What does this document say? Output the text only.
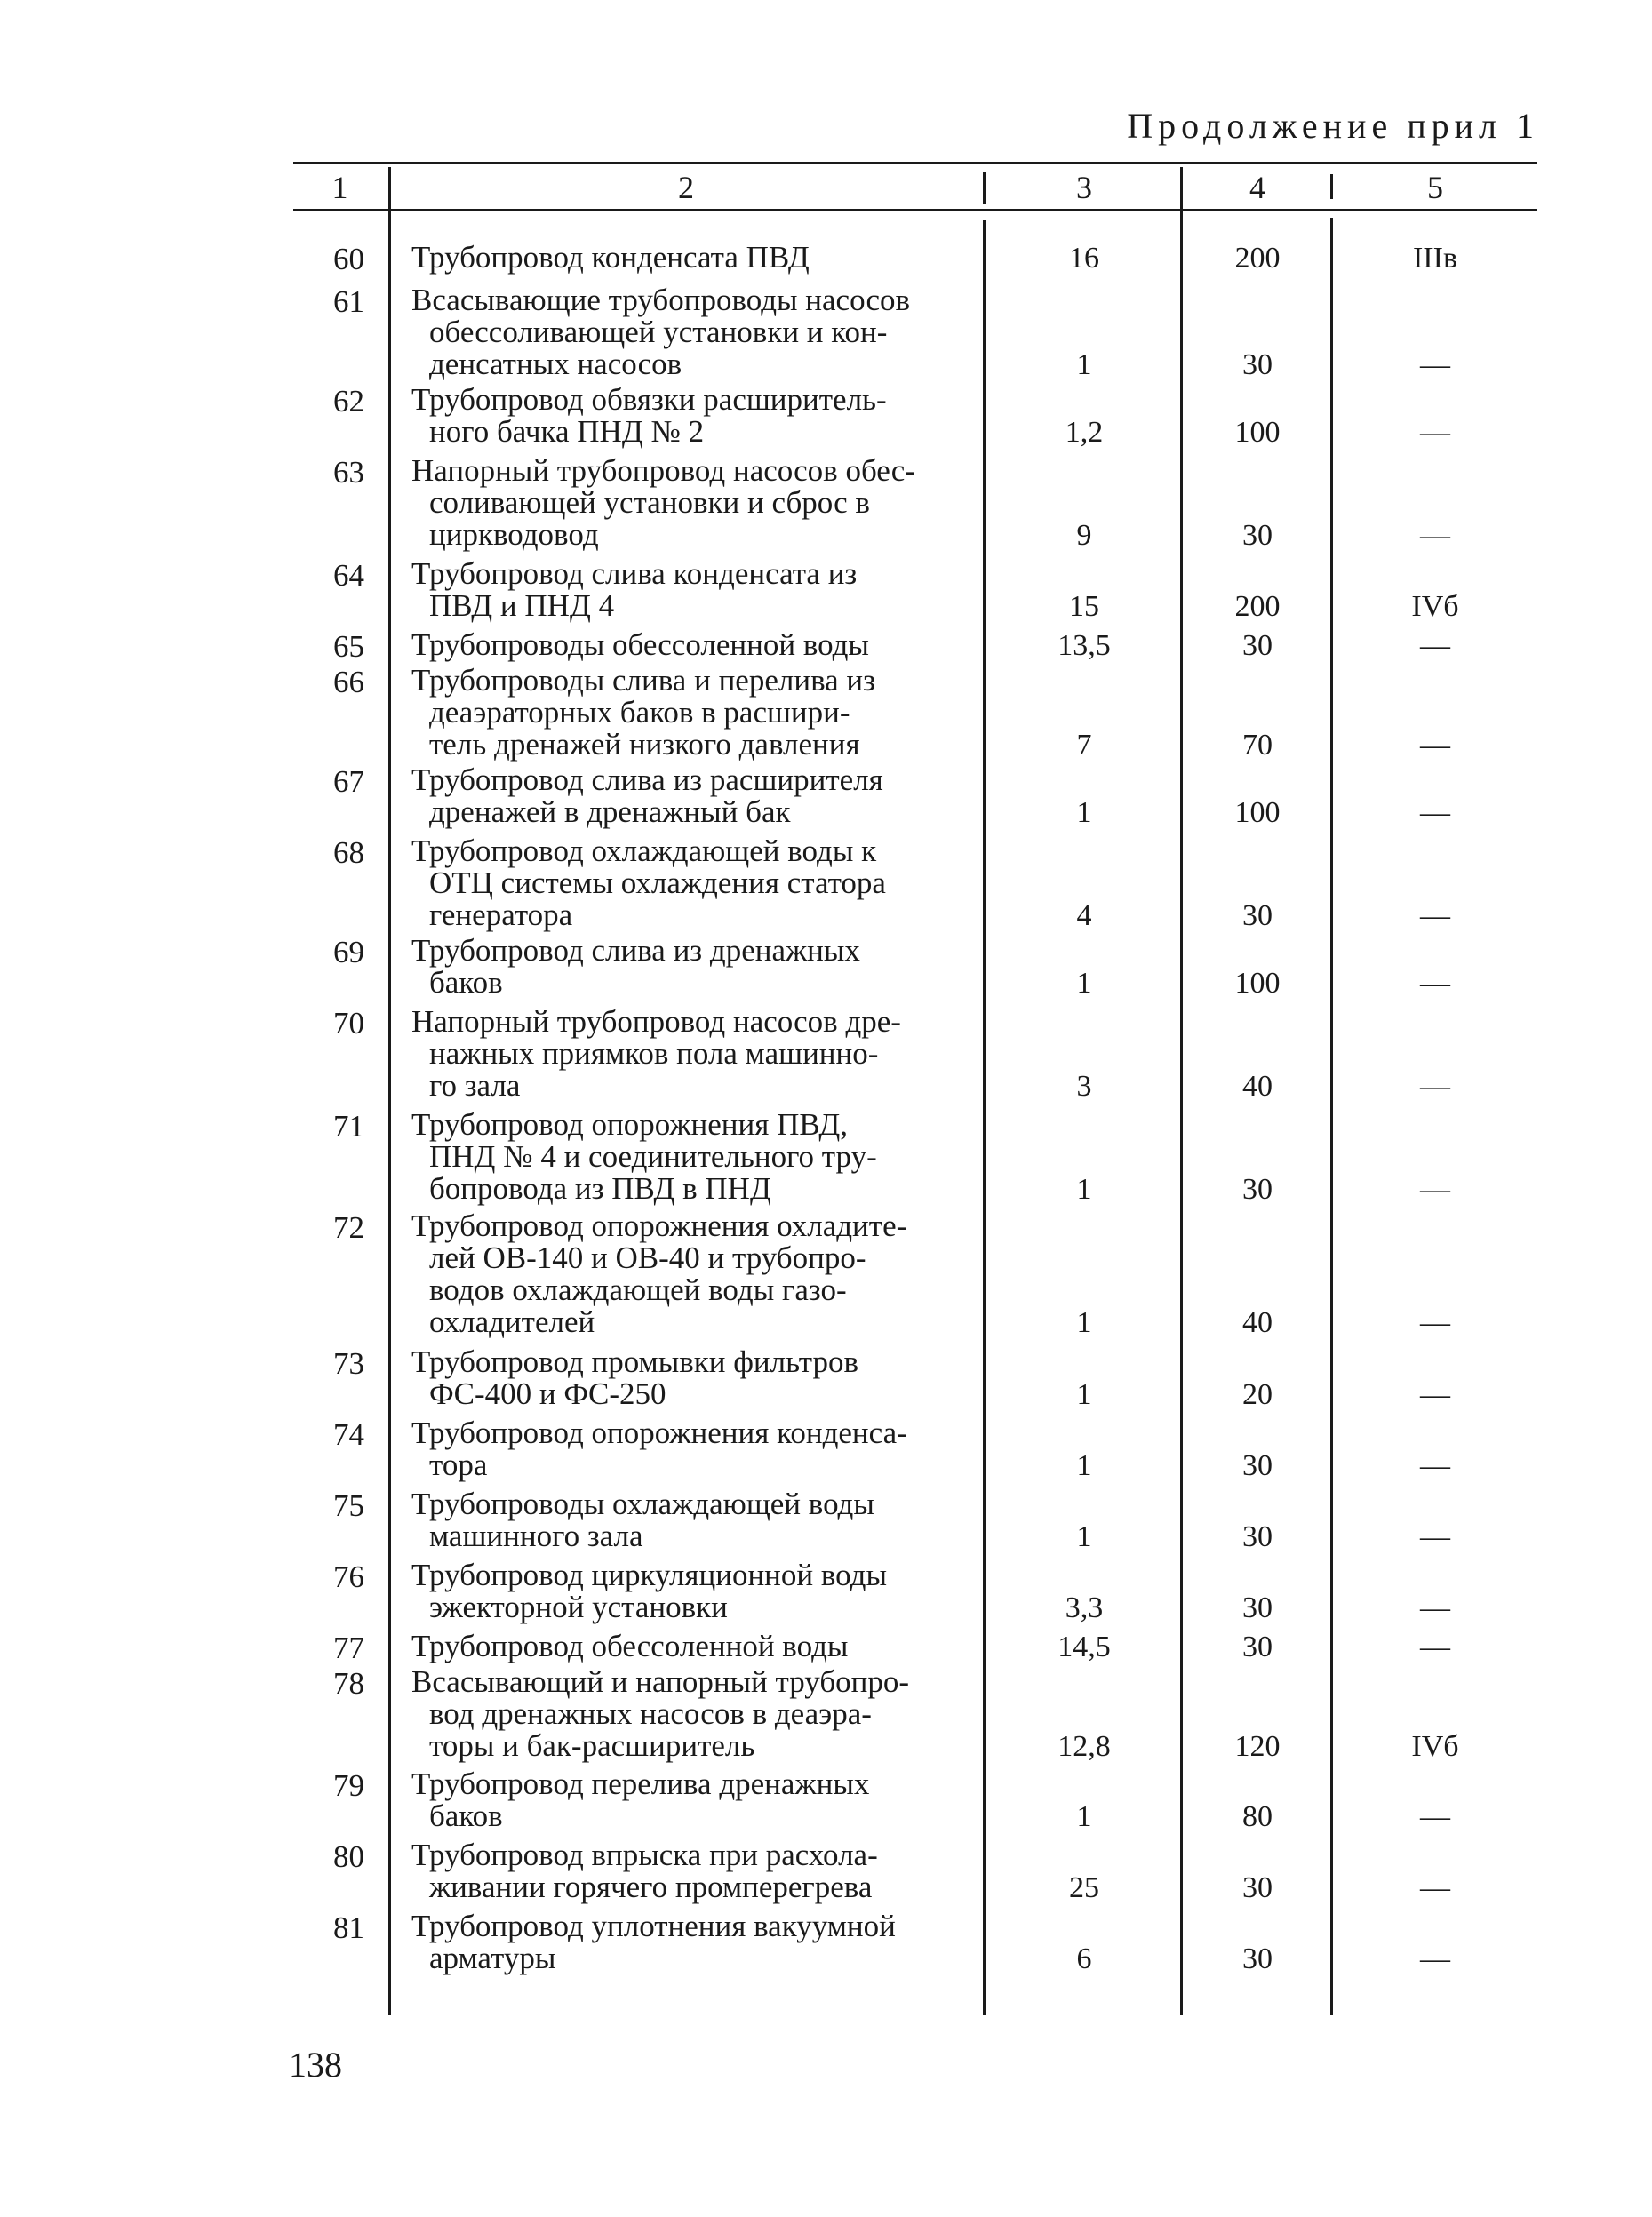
Продолжение прил 1
1	2	3	4	5
60 Трубопровод конденсата ПВД	16	200	IIIв
61 Всасывающие трубопроводы насосов
обессоливающей установки и кон-
денсатных насосов	1	30	—
62 Трубопровод обвязки расширитель-
ного бачка ПНД № 2	1,2	100	—
63 Напорный трубопровод насосов обес-
соливающей установки и сброс в
циркводовод	9	30	—
64 Трубопровод слива конденсата из
ПВД и ПНД 4	15	200	IVб
65 Трубопроводы обессоленной воды	13,5	30	—
66 Трубопроводы слива и перелива из
деаэраторных баков в расшири-
тель дренажей низкого давления	7	70	—
67 Трубопровод слива из расширителя
дренажей в дренажный бак	1	100	—
68 Трубопровод охлаждающей воды к
ОТЦ системы охлаждения статора
генератора	4	30	—
69 Трубопровод слива из дренажных
баков	1	100	—
70 Напорный трубопровод насосов дре-
нажных приямков пола машинно-
го зала	3	40	—
71 Трубопровод опорожнения ПВД,
ПНД № 4 и соединительного тру-
бопровода из ПВД в ПНД	1	30	—
72 Трубопровод опорожнения охладите-
лей ОВ-140 и ОВ-40 и трубопро-
водов охлаждающей воды газо-
охладителей	1	40	—
73 Трубопровод промывки фильтров
ФС-400 и ФС-250	1	20	—
74 Трубопровод опорожнения конденса-
тора	1	30	—
75 Трубопроводы охлаждающей воды
машинного зала	1	30	—
76 Трубопровод циркуляционной воды
эжекторной установки	3,3	30	—
77 Трубопровод обессоленной воды	14,5	30	—
78 Всасывающий и напорный трубопро-
вод дренажных насосов в деаэра-
торы и бак-расширитель	12,8	120	IVб
79 Трубопровод перелива дренажных
баков	1	80	—
80 Трубопровод впрыска при расхола-
живании горячего промперегрева	25	30	—
81 Трубопровод уплотнения вакуумной
арматуры	6	30	—
138
